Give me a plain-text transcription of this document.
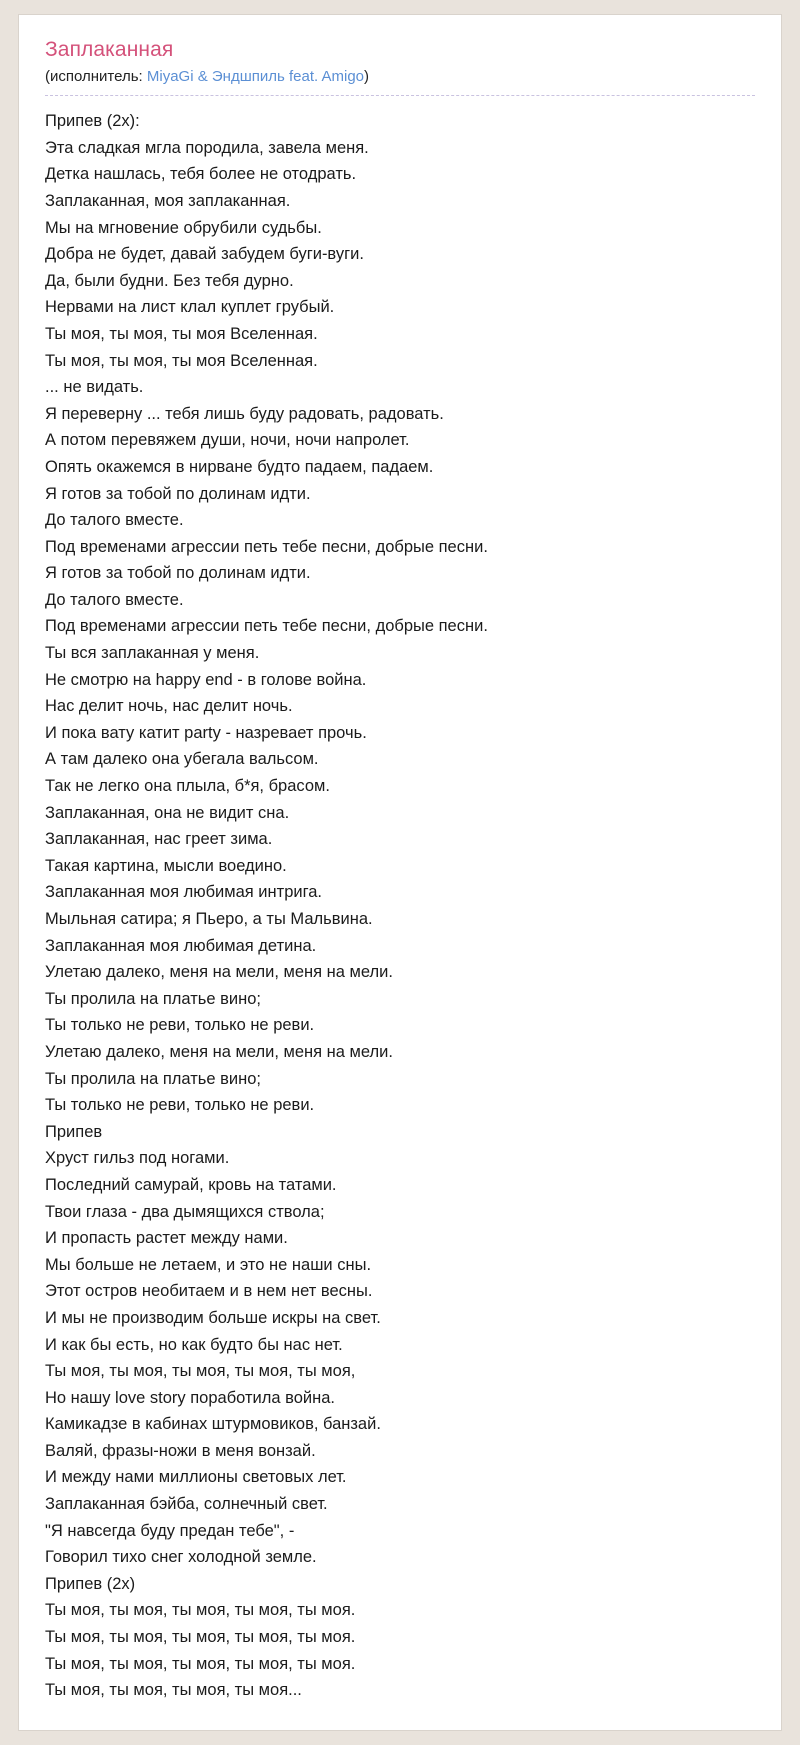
Заплаканная
(исполнитель: MiyaGi & Эндшпиль feat. Amigo)
Припев (2х):
Эта сладкая мгла породила, завела меня.
Детка нашлась, тебя более не отодрать.
Заплаканная, моя заплаканная.
Мы на мгновение обрубили судьбы.
Добра не будет, давай забудем буги-вуги.
Да, были будни. Без тебя дурно.
Нервами на лист клал куплет грубый.
Ты моя, ты моя, ты моя Вселенная.
Ты моя, ты моя, ты моя Вселенная.
... не видать.
Я переверну ... тебя лишь буду радовать, радовать.
А потом перевяжем души, ночи, ночи напролет.
Опять окажемся в нирване будто падаем, падаем.
Я готов за тобой по долинам идти.
До талого вместе.
Под временами агрессии петь тебе песни, добрые песни.
Я готов за тобой по долинам идти.
До талого вместе.
Под временами агрессии петь тебе песни, добрые песни.
Ты вся заплаканная у меня.
Не смотрю на happy end - в голове война.
Нас делит ночь, нас делит ночь.
И пока вату катит party - назревает прочь.
А там далеко она убегала вальсом.
Так не легко она плыла, б*я, брасом.
Заплаканная, она не видит сна.
Заплаканная, нас греет зима.
Такая картина, мысли воедино.
Заплаканная моя любимая интрига.
Мыльная сатира; я Пьеро, а ты Мальвина.
Заплаканная моя любимая детина.
Улетаю далеко, меня на мели, меня на мели.
Ты пролила на платье вино;
Ты только не реви, только не реви.
Улетаю далеко, меня на мели, меня на мели.
Ты пролила на платье вино;
Ты только не реви, только не реви.
Припев
Хруст гильз под ногами.
Последний самурай, кровь на татами.
Твои глаза - два дымящихся ствола;
И пропасть растет между нами.
Мы больше не летаем, и это не наши сны.
Этот остров необитаем и в нем нет весны.
И мы не производим больше искры на свет.
И как бы есть, но как будто бы нас нет.
Ты моя, ты моя, ты моя, ты моя, ты моя,
Но нашу love story поработила война.
Камикадзе в кабинах штурмовиков, банзай.
Валяй, фразы-ножи в меня вонзай.
И между нами миллионы световых лет.
Заплаканная бэйба, солнечный свет.
"Я навсегда буду предан тебе", -
Говорил тихо снег холодной земле.
Припев (2х)
Ты моя, ты моя, ты моя, ты моя, ты моя.
Ты моя, ты моя, ты моя, ты моя, ты моя.
Ты моя, ты моя, ты моя, ты моя, ты моя.
Ты моя, ты моя, ты моя, ты моя...
